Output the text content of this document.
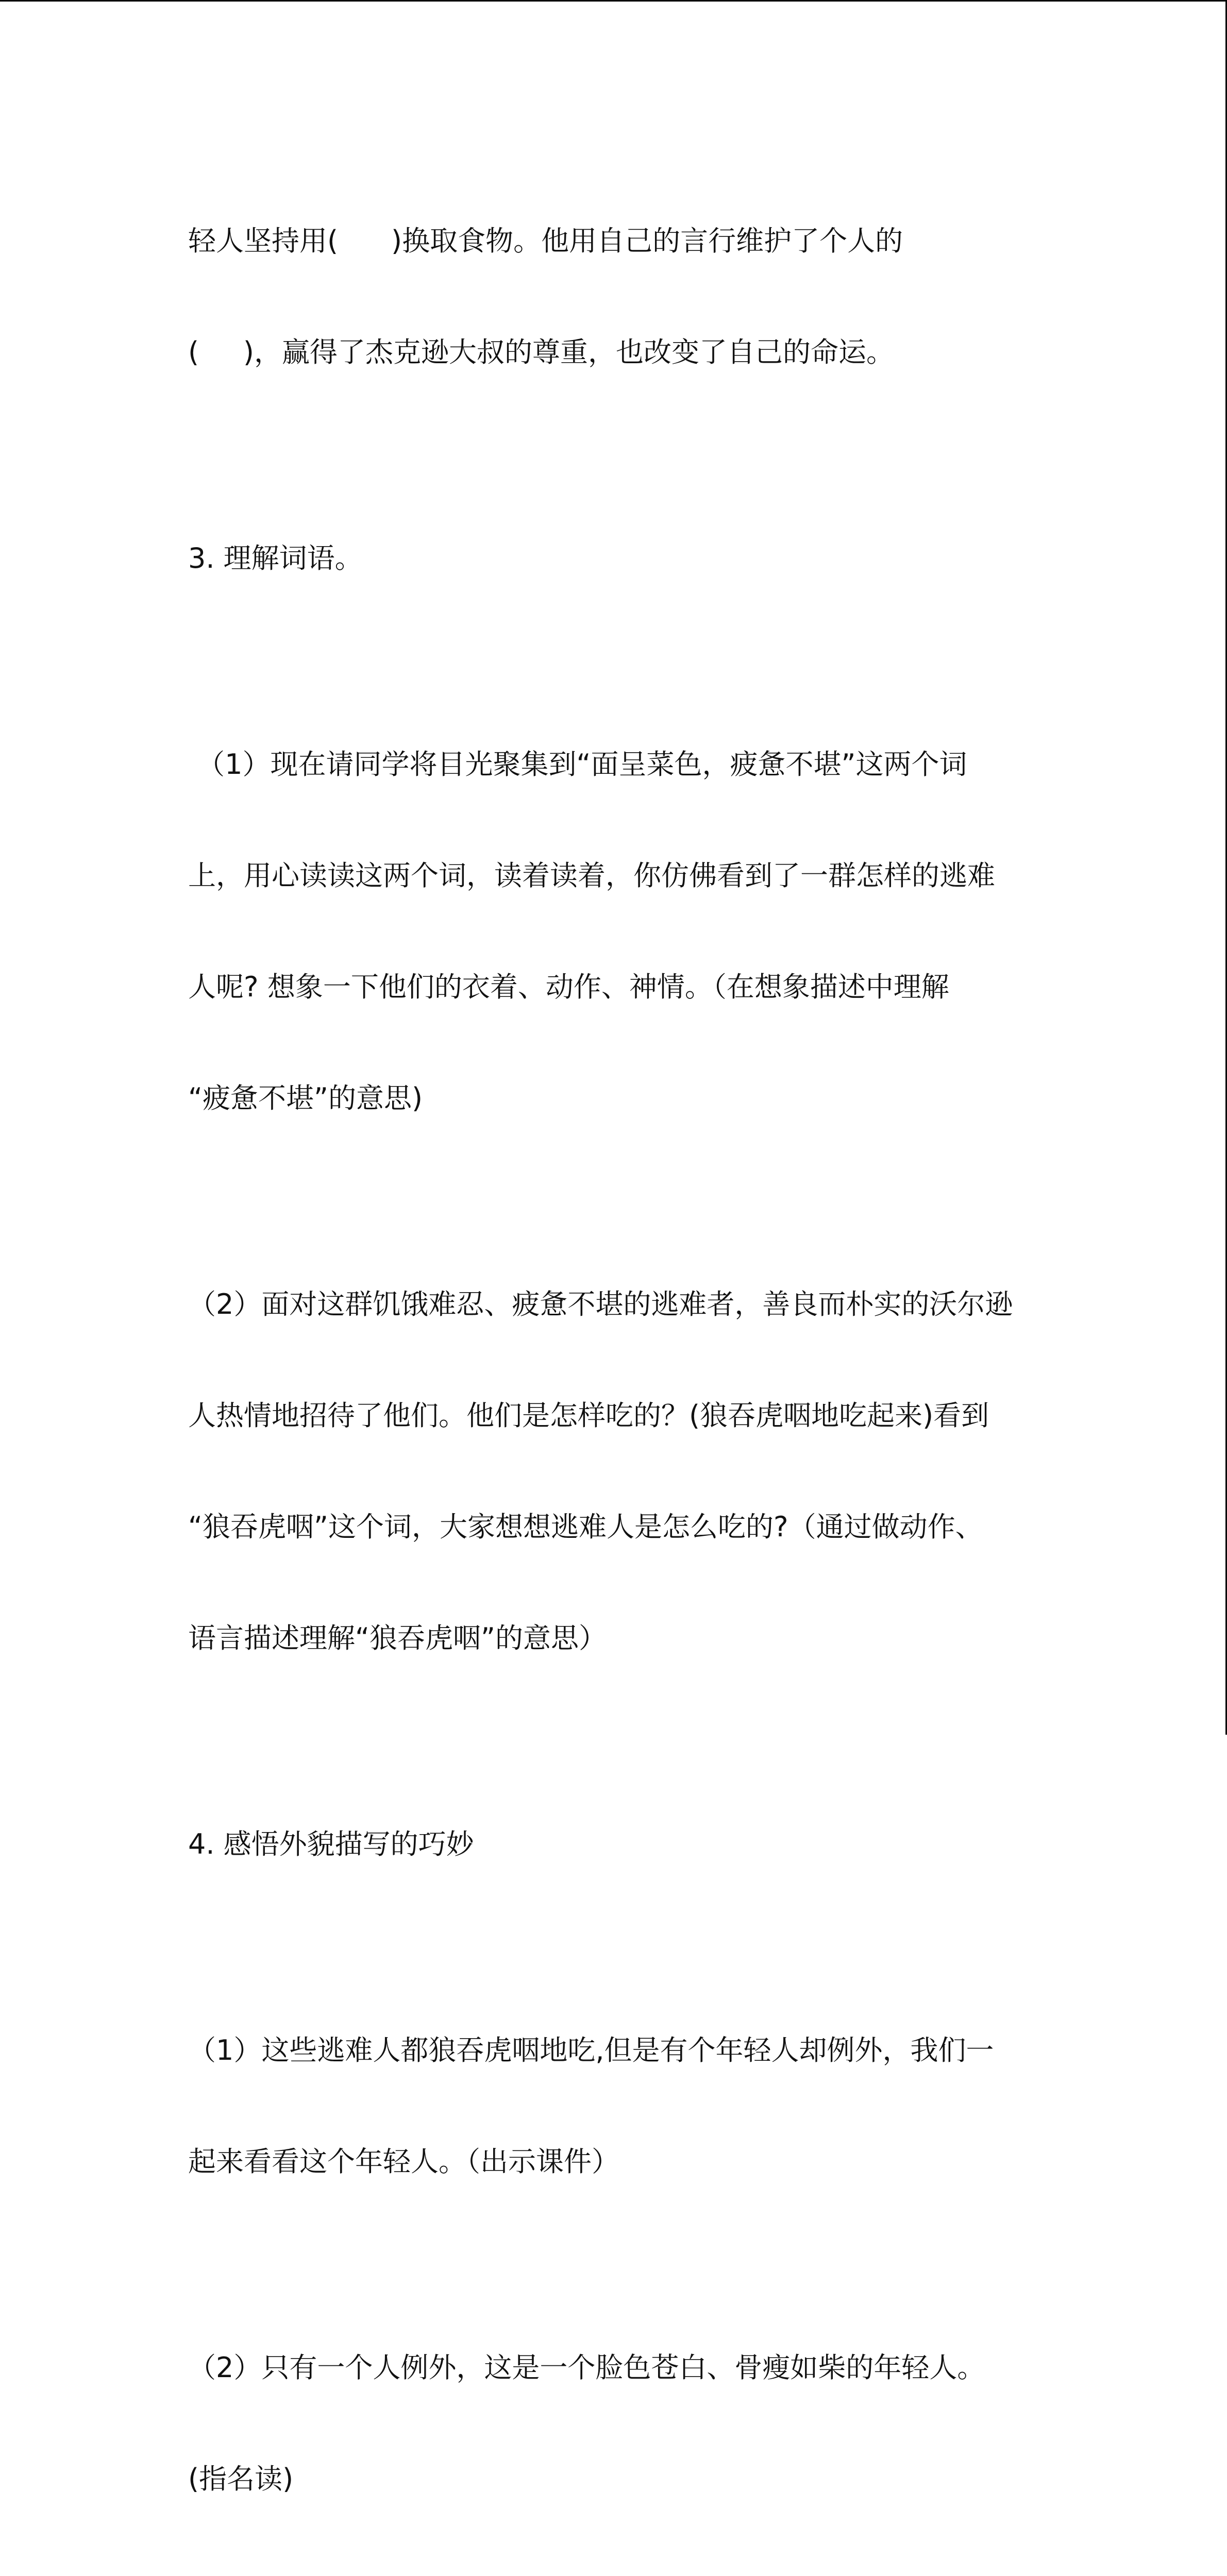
轻人坚持用(      )换取食物。他用自己的言行维护了个人的

(     )，赢得了杰克逊大叔的尊重，也改变了自己的命运。

3. 理解词语。

（1）现在请同学将目光聚集到“面呈菜色，疲惫不堪”这两个词

上，用心读读这两个词，读着读着，你仿佛看到了一群怎样的逃难

人呢? 想象一下他们的衣着、动作、神情。（在想象描述中理解

“疲惫不堪”的意思)

（2）面对这群饥饿难忍、疲惫不堪的逃难者，善良而朴实的沃尔逊

人热情地招待了他们。他们是怎样吃的？(狼吞虎咽地吃起来)看到

“狼吞虎咽”这个词，大家想想逃难人是怎么吃的?（通过做动作、

语言描述理解“狼吞虎咽”的意思）

4. 感悟外貌描写的巧妙

（1）这些逃难人都狼吞虎咽地吃,但是有个年轻人却例外，我们一

起来看看这个年轻人。（出示课件）

（2）只有一个人例外，这是一个脸色苍白、骨瘦如柴的年轻人。

(指名读)
